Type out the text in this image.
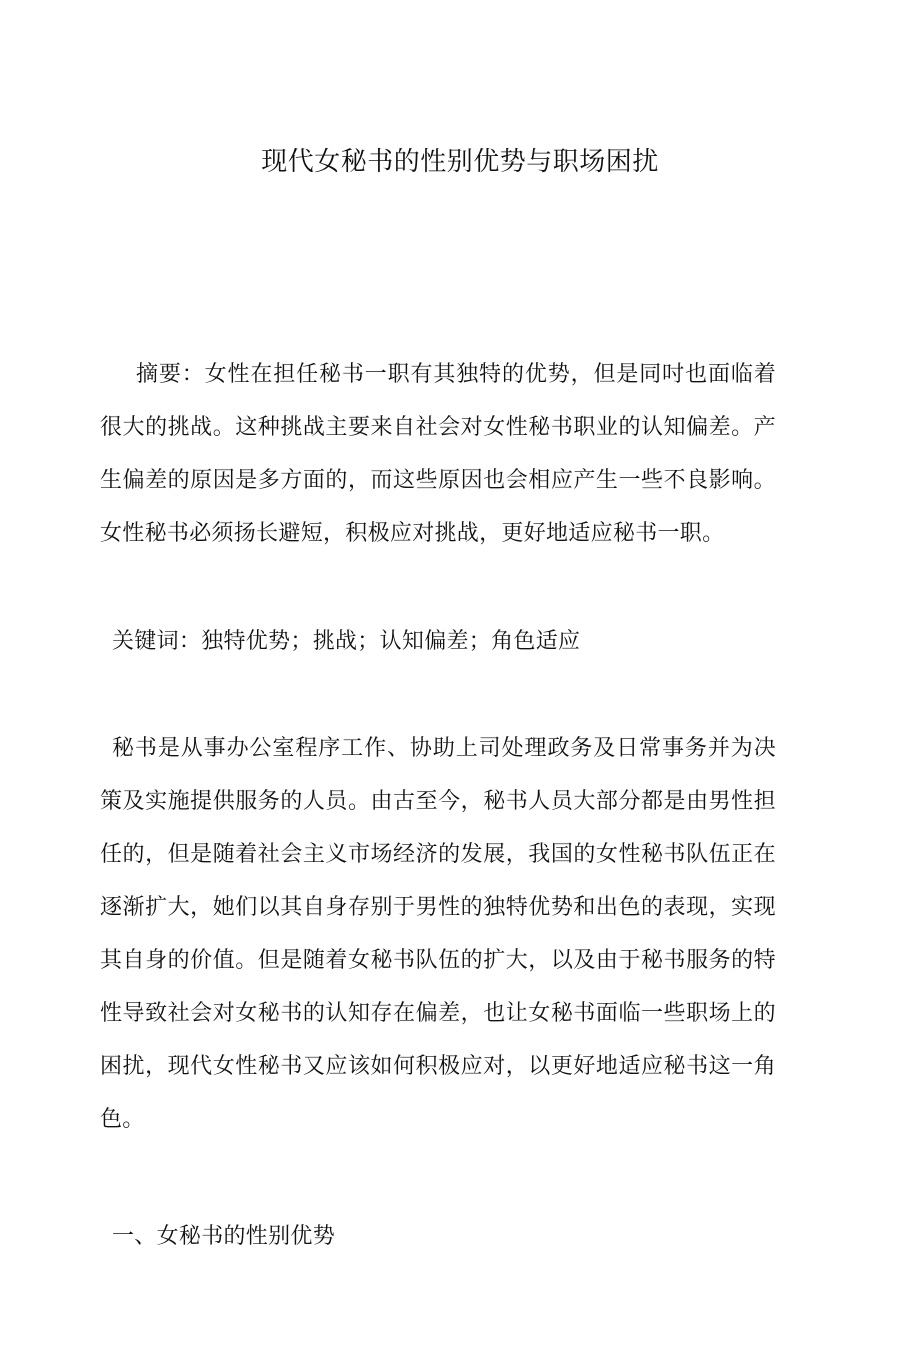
现代女秘书的性别优势与职场困扰

摘要：女性在担任秘书一职有其独特的优势，但是同吋也面临着很大的挑战。这种挑战主要来自社会对女性秘书职业的认知偏差。产生偏差的原因是多方面的，而这些原因也会相应产生一些不良影响。女性秘书必须扬长避短，积极应对挑战，更好地适应秘书一职。

关键词：独特优势；挑战；认知偏差；角色适应

秘书是从事办公室程序工作、协助上司处理政务及日常事务并为决策及实施提供服务的人员。由古至今，秘书人员大部分都是由男性担任的，但是随着社会主义市场经济的发展，我国的女性秘书队伍正在逐渐扩大，她们以其自身存别于男性的独特优势和出色的表现，实现其自身的价值。但是随着女秘书队伍的扩大，以及由于秘书服务的特性导致社会对女秘书的认知存在偏差，也让女秘书面临一些职场上的困扰，现代女性秘书又应该如何积极应对，以更好地适应秘书这一角色。

一、女秘书的性别优势
